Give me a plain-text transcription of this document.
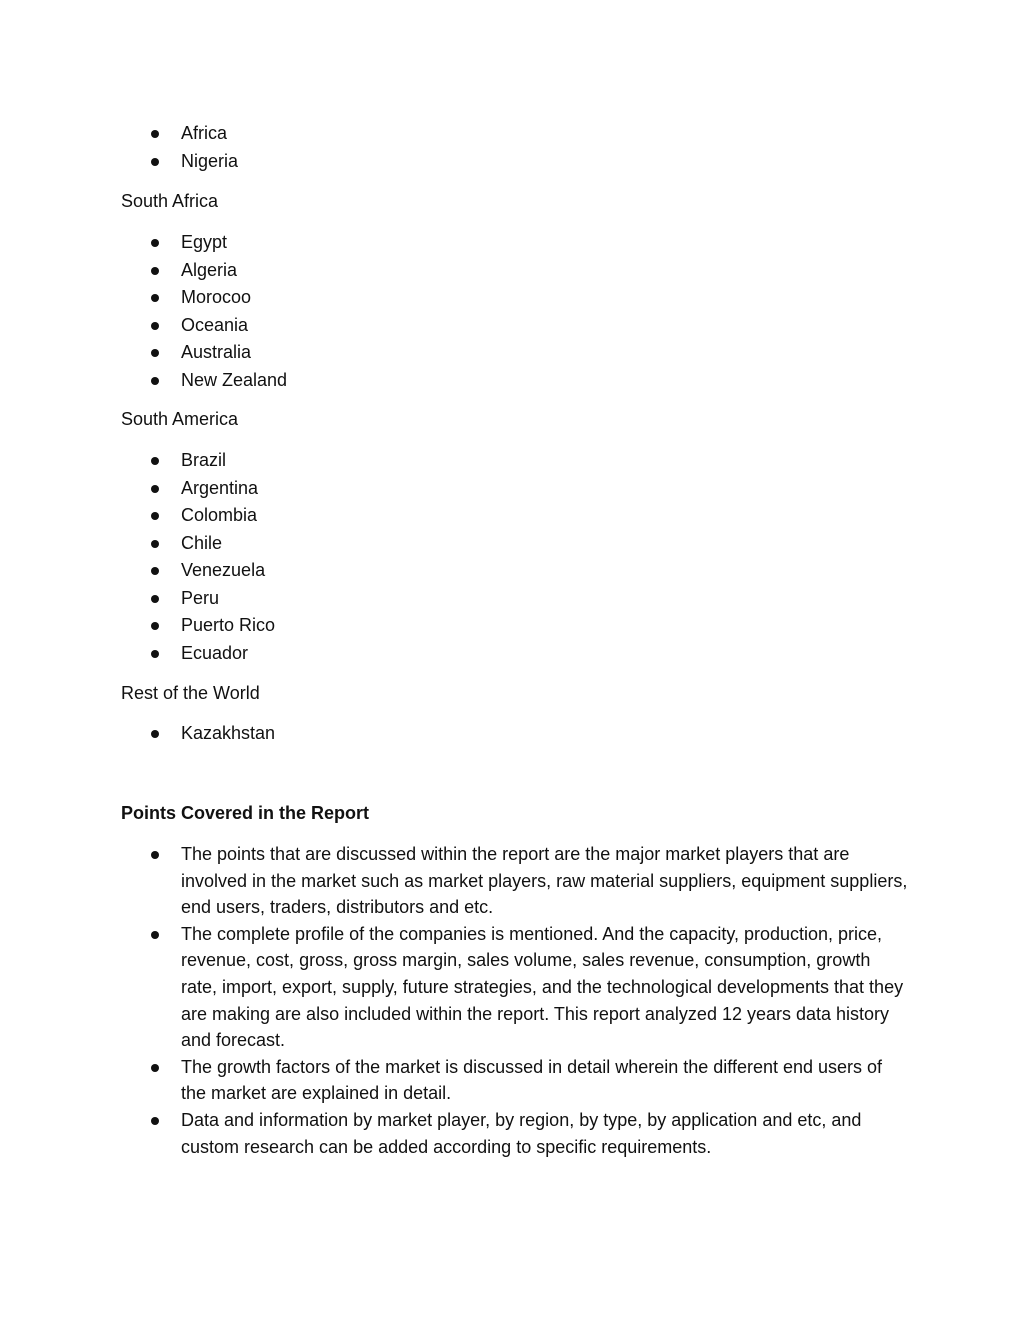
Africa
Nigeria

South Africa

Egypt
Algeria
Morocoo
Oceania
Australia
New Zealand

South America

Brazil
Argentina
Colombia
Chile
Venezuela
Peru
Puerto Rico
Ecuador

Rest of the World

Kazakhstan

Points Covered in the Report

The points that are discussed within the report are the major market players that are involved in the market such as market players, raw material suppliers, equipment suppliers, end users, traders, distributors and etc.
The complete profile of the companies is mentioned. And the capacity, production, price, revenue, cost, gross, gross margin, sales volume, sales revenue, consumption, growth rate, import, export, supply, future strategies, and the technological developments that they are making are also included within the report. This report analyzed 12 years data history and forecast.
The growth factors of the market is discussed in detail wherein the different end users of the market are explained in detail.
Data and information by market player, by region, by type, by application and etc, and custom research can be added according to specific requirements.
